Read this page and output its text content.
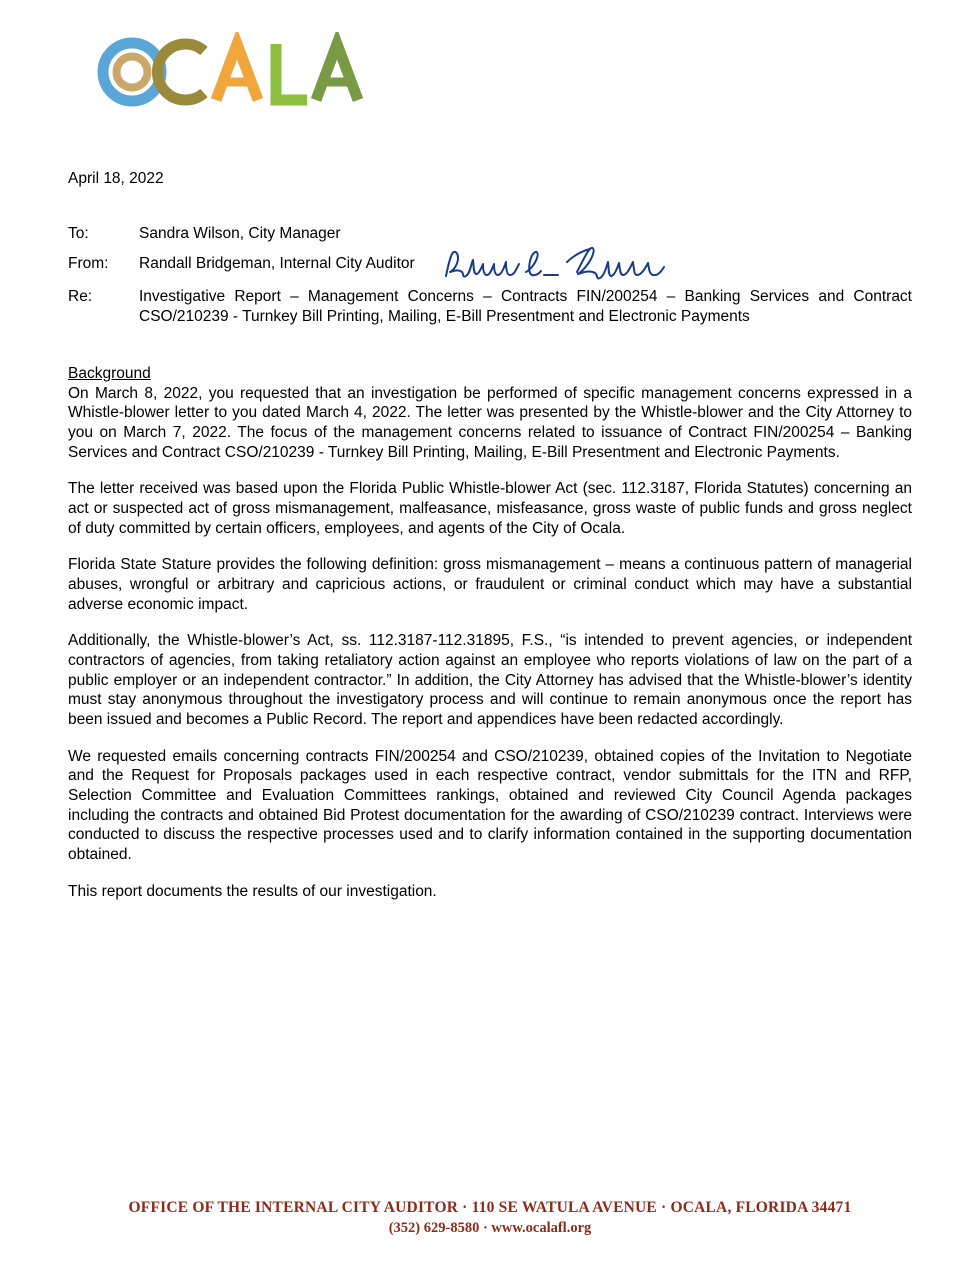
April 18, 2022
To:	Sandra Wilson, City Manager
From:	Randall Bridgeman, Internal City Auditor
Re:	Investigative Report – Management Concerns – Contracts FIN/200254 – Banking Services and Contract CSO/210239 - Turnkey Bill Printing, Mailing, E-Bill Presentment and Electronic Payments
Background

On March 8, 2022, you requested that an investigation be performed of specific management concerns expressed in a Whistle-blower letter to you dated March 4, 2022. The letter was presented by the Whistle-blower and the City Attorney to you on March 7, 2022. The focus of the management concerns related to issuance of Contract FIN/200254 – Banking Services and Contract CSO/210239 - Turnkey Bill Printing, Mailing, E-Bill Presentment and Electronic Payments.

The letter received was based upon the Florida Public Whistle-blower Act (sec. 112.3187, Florida Statutes) concerning an act or suspected act of gross mismanagement, malfeasance, misfeasance, gross waste of public funds and gross neglect of duty committed by certain officers, employees, and agents of the City of Ocala.

Florida State Stature provides the following definition: gross mismanagement – means a continuous pattern of managerial abuses, wrongful or arbitrary and capricious actions, or fraudulent or criminal conduct which may have a substantial adverse economic impact.

Additionally, the Whistle-blower’s Act, ss. 112.3187-112.31895, F.S., “is intended to prevent agencies, or independent contractors of agencies, from taking retaliatory action against an employee who reports violations of law on the part of a public employer or an independent contractor.” In addition, the City Attorney has advised that the Whistle-blower’s identity must stay anonymous throughout the investigatory process and will continue to remain anonymous once the report has been issued and becomes a Public Record. The report and appendices have been redacted accordingly.

We requested emails concerning contracts FIN/200254 and CSO/210239, obtained copies of the Invitation to Negotiate and the Request for Proposals packages used in each respective contract, vendor submittals for the ITN and RFP, Selection Committee and Evaluation Committees rankings, obtained and reviewed City Council Agenda packages including the contracts and obtained Bid Protest documentation for the awarding of CSO/210239 contract. Interviews were conducted to discuss the respective processes used and to clarify information contained in the supporting documentation obtained.

This report documents the results of our investigation.

OFFICE OF THE INTERNAL CITY AUDITOR · 110 SE WATULA AVENUE · OCALA, FLORIDA 34471
(352) 629-8580 · www.ocalafl.org
